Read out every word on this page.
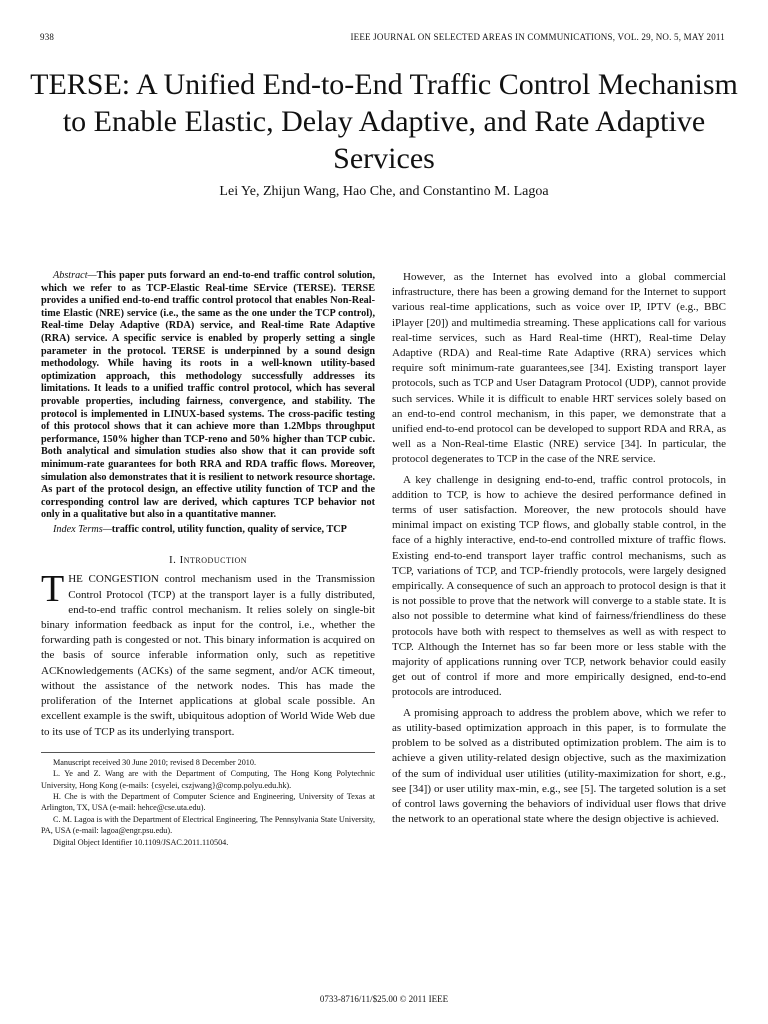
938	IEEE JOURNAL ON SELECTED AREAS IN COMMUNICATIONS, VOL. 29, NO. 5, MAY 2011
TERSE: A Unified End-to-End Traffic Control Mechanism to Enable Elastic, Delay Adaptive, and Rate Adaptive Services
Lei Ye, Zhijun Wang, Hao Che, and Constantino M. Lagoa

Abstract—This paper puts forward an end-to-end traffic control solution, which we refer to as TCP-Elastic Real-time SErvice (TERSE). TERSE provides a unified end-to-end traffic control protocol that enables Non-Real-time Elastic (NRE) service (i.e., the same as the one under the TCP control), Real-time Delay Adaptive (RDA) service, and Real-time Rate Adaptive (RRA) service. A specific service is enabled by properly setting a single parameter in the protocol. TERSE is underpinned by a sound design methodology. While having its roots in a well-known utility-based optimization approach, this methodology successfully addresses its limitations. It leads to a unified traffic control protocol, which has several provable properties, including fairness, convergence, and stability. The protocol is implemented in LINUX-based systems. The cross-pacific testing of this protocol shows that it can achieve more than 1.2Mbps throughput performance, 150% higher than TCP-reno and 50% higher than TCP cubic. Both analytical and simulation studies also show that it can provide soft minimum-rate guarantees for both RRA and RDA traffic flows. Moreover, simulation also demonstrates that it is resilient to network resource shortage. As part of the protocol design, an effective utility function of TCP and the corresponding control law are derived, which captures TCP behavior not only in a qualitative but also in a quantitative manner.

Index Terms—traffic control, utility function, quality of service, TCP

I. Introduction

THE CONGESTION control mechanism used in the Transmission Control Protocol (TCP) at the transport layer is a fully distributed, end-to-end traffic control mechanism. It relies solely on single-bit binary information feedback as input for the control, i.e., whether the forwarding path is congested or not. This binary information is acquired on the basis of source inferable information only, such as repetitive ACKnowledgements (ACKs) of the same segment, and/or ACK timeout, without the assistance of the network nodes. This has made the proliferation of the Internet applications at global scale possible. An excellent example is the swift, ubiquitous adoption of World Wide Web due to its use of TCP as its underlying transport.

Manuscript received 30 June 2010; revised 8 December 2010.

L. Ye and Z. Wang are with the Department of Computing, The Hong Kong Polytechnic University, Hong Kong (e-mails: {csyelei, cszjwang}@comp.polyu.edu.hk).

H. Che is with the Department of Computer Science and Engineering, University of Texas at Arlington, TX, USA (e-mail: hehce@cse.uta.edu).

C. M. Lagoa is with the Department of Electrical Engineering, The Pennsylvania State University, PA, USA (e-mail: lagoa@engr.psu.edu).

Digital Object Identifier 10.1109/JSAC.2011.110504.

However, as the Internet has evolved into a global commercial infrastructure, there has been a growing demand for the Internet to support various real-time applications, such as voice over IP, IPTV (e.g., BBC iPlayer [20]) and multimedia streaming. These applications call for various real-time services, such as Hard Real-time (HRT), Real-time Delay Adaptive (RDA) and Real-time Rate Adaptive (RRA) services which require soft minimum-rate guarantees,see [34]. Existing transport layer protocols, such as TCP and User Datagram Protocol (UDP), cannot provide such services. While it is difficult to enable HRT services solely based on an end-to-end control mechanism, in this paper, we demonstrate that a unified end-to-end protocol can be developed to support RDA and RRA, as well as a Non-Real-time Elastic (NRE) service [34]. In particular, the protocol degenerates to TCP in the case of the NRE service.

A key challenge in designing end-to-end, traffic control protocols, in addition to TCP, is how to achieve the desired performance defined in terms of user satisfaction. Moreover, the new protocols should have minimal impact on existing TCP flows, and globally stable control, in the face of a highly interactive, end-to-end controlled mixture of traffic flows. Existing end-to-end transport layer traffic control mechanisms, such as TCP, variations of TCP, and TCP-friendly protocols, were largely designed empirically. A consequence of such an approach to protocol design is that it is not possible to prove that the network will converge to a stable state. It is also not possible to determine what kind of fairness/friendliness do these protocols have both with respect to themselves as well as with respect to TCP. Although the Internet has so far been more or less stable with the majority of applications running over TCP, network behavior could easily get out of control if more and more empirically designed, end-to-end protocols are introduced.

A promising approach to address the problem above, which we refer to as utility-based optimization approach in this paper, is to formulate the problem to be solved as a distributed optimization problem. The aim is to achieve a given utility-related design objective, such as the maximization of the sum of individual user utilities (utility-maximization for short, e.g., see [34]) or user utility max-min, e.g., see [5]. The targeted solution is a set of control laws governing the behaviors of individual user flows that drive the network to an operational state where the design objective is achieved.

0733-8716/11/$25.00 © 2011 IEEE
